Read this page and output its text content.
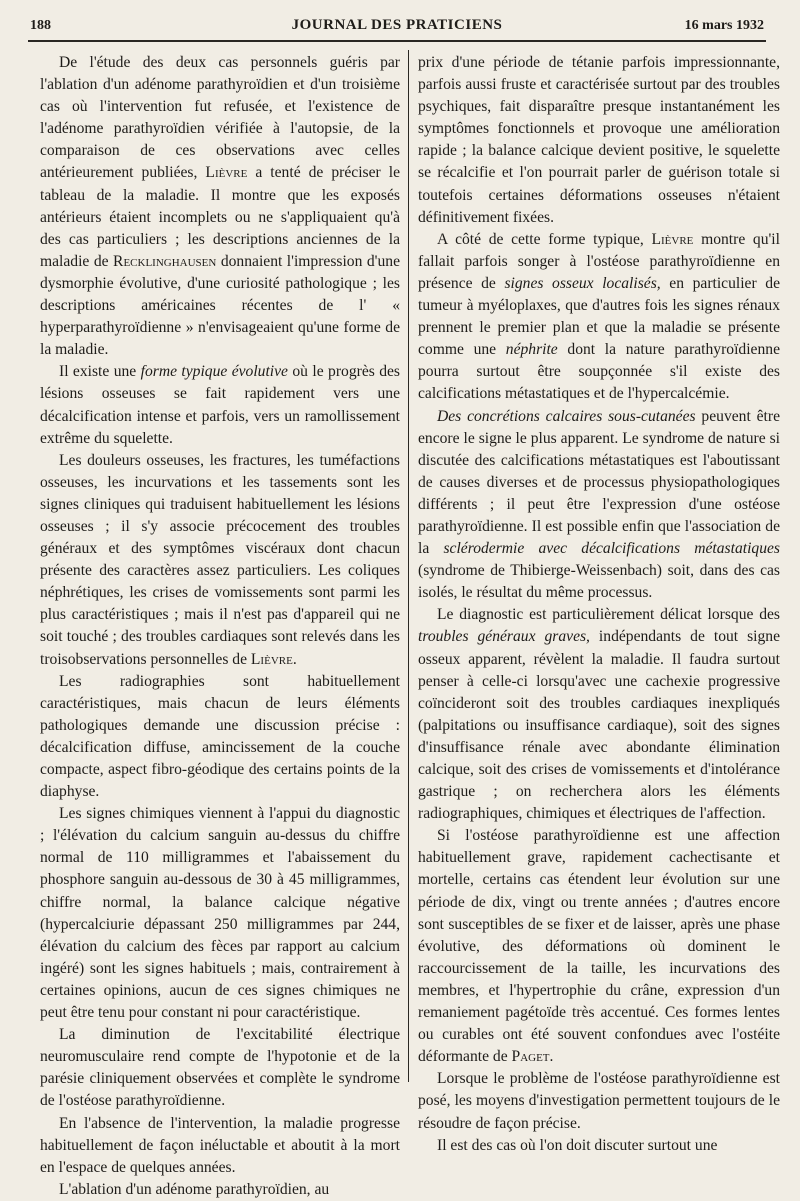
188	JOURNAL DES PRATICIENS	16 mars 1932

De l'étude des deux cas personnels guéris par l'ablation d'un adénome parathyroïdien et d'un troisième cas où l'intervention fut refusée, et l'existence de l'adénome parathyroïdien vérifiée à l'autopsie, de la comparaison de ces observations avec celles antérieurement publiées, Lièvre a tenté de préciser le tableau de la maladie. Il montre que les exposés antérieurs étaient incomplets ou ne s'appliquaient qu'à des cas particuliers ; les descriptions anciennes de la maladie de Recklinghausen donnaient l'impression d'une dysmorphie évolutive, d'une curiosité pathologique ; les descriptions américaines récentes de l' « hyperparathyroïdienne » n'envisageaient qu'une forme de la maladie.

Il existe une forme typique évolutive où le progrès des lésions osseuses se fait rapidement vers une décalcification intense et parfois, vers un ramollissement extrême du squelette.

Les douleurs osseuses, les fractures, les tuméfactions osseuses, les incurvations et les tassements sont les signes cliniques qui traduisent habituellement les lésions osseuses ; il s'y associe précocement des troubles généraux et des symptômes viscéraux dont chacun présente des caractères assez particuliers. Les coliques néphrétiques, les crises de vomissements sont parmi les plus caractéristiques ; mais il n'est pas d'appareil qui ne soit touché ; des troubles cardiaques sont relevés dans les troisobservations personnelles de Lièvre.

Les radiographies sont habituellement caractéristiques, mais chacun de leurs éléments pathologiques demande une discussion précise : décalcification diffuse, amincissement de la couche compacte, aspect fibro-géodique des certains points de la diaphyse.

Les signes chimiques viennent à l'appui du diagnostic ; l'élévation du calcium sanguin au-dessus du chiffre normal de 110 milligrammes et l'abaissement du phosphore sanguin au-dessous de 30 à 45 milligrammes, chiffre normal, la balance calcique négative (hypercalciurie dépassant 250 milligrammes par 244, élévation du calcium des fèces par rapport au calcium ingéré) sont les signes habituels ; mais, contrairement à certaines opinions, aucun de ces signes chimiques ne peut être tenu pour constant ni pour caractéristique.

La diminution de l'excitabilité électrique neuromusculaire rend compte de l'hypotonie et de la parésie cliniquement observées et complète le syndrome de l'ostéose parathyroïdienne.

En l'absence de l'intervention, la maladie progresse habituellement de façon inéluctable et aboutit à la mort en l'espace de quelques années.

L'ablation d'un adénome parathyroïdien, au

prix d'une période de tétanie parfois impressionnante, parfois aussi fruste et caractérisée surtout par des troubles psychiques, fait disparaître presque instantanément les symptômes fonctionnels et provoque une amélioration rapide ; la balance calcique devient positive, le squelette se récalcifie et l'on pourrait parler de guérison totale si toutefois certaines déformations osseuses n'étaient définitivement fixées.

A côté de cette forme typique, Lièvre montre qu'il fallait parfois songer à l'ostéose parathyroïdienne en présence de signes osseux localisés, en particulier de tumeur à myéloplaxes, que d'autres fois les signes rénaux prennent le premier plan et que la maladie se présente comme une néphrite dont la nature parathyroïdienne pourra surtout être soupçonnée s'il existe des calcifications métastatiques et de l'hypercalcémie.

Des concrétions calcaires sous-cutanées peuvent être encore le signe le plus apparent. Le syndrome de nature si discutée des calcifications métastatiques est l'aboutissant de causes diverses et de processus physiopathologiques différents ; il peut être l'expression d'une ostéose parathyroïdienne. Il est possible enfin que l'association de la sclérodermie avec décalcifications métastatiques (syndrome de Thibierge-Weissenbach) soit, dans des cas isolés, le résultat du même processus.

Le diagnostic est particulièrement délicat lorsque des troubles généraux graves, indépendants de tout signe osseux apparent, révèlent la maladie. Il faudra surtout penser à celle-ci lorsqu'avec une cachexie progressive coïncideront soit des troubles cardiaques inexpliqués (palpitations ou insuffisance cardiaque), soit des signes d'insuffisance rénale avec abondante élimination calcique, soit des crises de vomissements et d'intolérance gastrique ; on recherchera alors les éléments radiographiques, chimiques et électriques de l'affection.

Si l'ostéose parathyroïdienne est une affection habituellement grave, rapidement cachectisante et mortelle, certains cas étendent leur évolution sur une période de dix, vingt ou trente années ; d'autres encore sont susceptibles de se fixer et de laisser, après une phase évolutive, des déformations où dominent le raccourcissement de la taille, les incurvations des membres, et l'hypertrophie du crâne, expression d'un remaniement pagétoïde très accentué. Ces formes lentes ou curables ont été souvent confondues avec l'ostéite déformante de Paget.

Lorsque le problème de l'ostéose parathyroïdienne est posé, les moyens d'investigation permettent toujours de le résoudre de façon précise.

Il est des cas où l'on doit discuter surtout une
